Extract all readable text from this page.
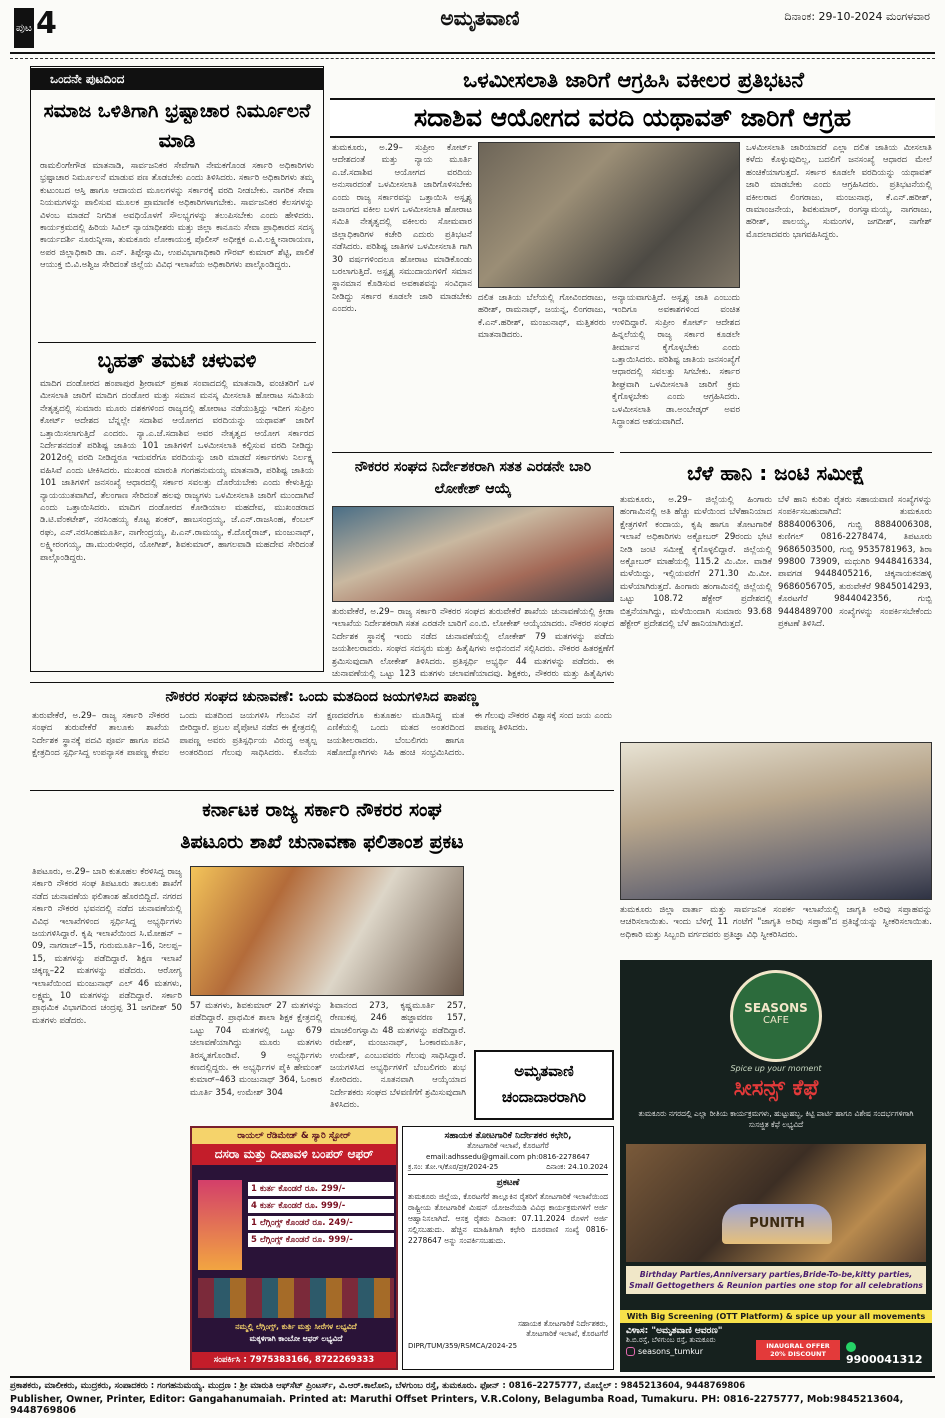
ಪುಟ 4	ಅಮೃತವಾಣಿ	ದಿನಾಂಕ: 29-10-2024 ಮಂಗಳವಾರ
ಒಂದನೇ ಪುಟದಿಂದ
ಸಮಾಜ ಒಳಿತಿಗಾಗಿ ಭ್ರಷ್ಟಾಚಾರ ನಿರ್ಮೂಲನೆ ಮಾಡಿ
ರಾಮಲಿಂಗೇಗೌಡ ಮಾತನಾಡಿ, ಸಾರ್ವಜನಿಕರ ಸೇವೆಗಾಗಿ ನೇಮಕಗೊಂಡ ಸರ್ಕಾರಿ ಅಧಿಕಾರಿಗಳು ಭ್ರಷ್ಟಾಚಾರ ನಿರ್ಮೂಲನೆ ಮಾಡುವ ಪಣ ತೊಡಬೇಕು ಎಂದು ತಿಳಿಸಿದರು. ಸರ್ಕಾರಿ ಅಧಿಕಾರಿಗಳು ತಮ್ಮ ಕುಟುಂಬದ ಆಸ್ತಿ ಹಾಗೂ ಆದಾಯದ ಮೂಲಗಳನ್ನು ಸರ್ಕಾರಕ್ಕೆ ವರದಿ ನೀಡಬೇಕು. ನಾಗರಿಕ ಸೇವಾ ನಿಯಮಗಳನ್ನು ಪಾಲಿಸುವ ಮೂಲಕ ಪ್ರಾಮಾಣಿಕ ಅಧಿಕಾರಿಗಳಾಗಬೇಕು. ಸಾರ್ವಜನಿಕರ ಕೆಲಸಗಳನ್ನು ವಿಳಂಬ ಮಾಡದೆ ನಿಗದಿತ ಅವಧಿಯೊಳಗೆ ಸೌಲಭ್ಯಗಳನ್ನು ತಲುಪಿಸಬೇಕು ಎಂದು ಹೇಳಿದರು. ಕಾರ್ಯಕ್ರಮದಲ್ಲಿ ಹಿರಿಯ ಸಿವಿಲ್ ನ್ಯಾಯಾಧೀಶರು ಮತ್ತು ಜಿಲ್ಲಾ ಕಾನೂನು ಸೇವಾ ಪ್ರಾಧಿಕಾರದ ಸದಸ್ಯ ಕಾರ್ಯದರ್ಶಿ ನೂರುನ್ನೀಸಾ, ತುಮಕೂರು ಲೋಕಾಯುಕ್ತ ಪೊಲೀಸ್ ಅಧೀಕ್ಷಕ ಎ.ವಿ.ಲಕ್ಷ್ಮೀನಾರಾಯಣ, ಅಪರ ಜಿಲ್ಲಾಧಿಕಾರಿ ಡಾ. ಎನ್. ತಿಪ್ಪೇಸ್ವಾಮಿ, ಉಪವಿಭಾಗಾಧಿಕಾರಿ ಗೌರವ್ ಕುಮಾರ್ ಶೆಟ್ಟಿ, ಪಾಲಿಕೆ ಆಯುಕ್ತ ಬಿ.ವಿ.ಅಶ್ವಿಜ ಸೇರಿದಂತೆ ಜಿಲ್ಲೆಯ ವಿವಿಧ ಇಲಾಖೆಯ ಅಧಿಕಾರಿಗಳು ಪಾಲ್ಗೊಂಡಿದ್ದರು.
ಬೃಹತ್ ತಮಟೆ ಚಳುವಳಿ
ಮಾದಿಗ ದಂಡೋರದ ಹಂಪಾಪುರ ಶ್ರೀರಾಮ್ ಪ್ರಕಾಶ ಸಂವಾದದಲ್ಲಿ ಮಾತನಾಡಿ, ವಂಚಿತರಿಗೆ ಒಳ ಮೀಸಲಾತಿ ಜಾರಿಗೆ ಮಾದಿಗ ದಂಡೋರ ಮತ್ತು ಸಮಾನ ಮನಸ್ಕ ಮೀಸಲಾತಿ ಹೋರಾಟ ಸಮಿತಿಯ ನೇತೃತ್ವದಲ್ಲಿ ಸುಮಾರು ಮೂರು ದಶಕಗಳಿಂದ ರಾಜ್ಯದಲ್ಲಿ ಹೋರಾಟ ನಡೆಯುತ್ತಿದ್ದು ಇದೀಗ ಸುಪ್ರೀಂ ಕೋರ್ಟ್ ಆದೇಶದ ಬೆನ್ನಲ್ಲೇ ಸದಾಶಿವ ಆಯೋಗದ ವರದಿಯನ್ನು ಯಥಾವತ್ ಜಾರಿಗೆ ಒತ್ತಾಯಿಸಲಾಗುತ್ತಿದೆ ಎಂದರು. ನ್ಯಾ.ಎ.ಜೆ.ಸದಾಶಿವ ಅವರ ನೇತೃತ್ವದ ಆಯೋಗ ಸರ್ಕಾರದ ನಿರ್ದೇಶನದಂತೆ ಪರಿಶಿಷ್ಟ ಜಾತಿಯ 101 ಜಾತಿಗಳಿಗೆ ಒಳಮೀಸಲಾತಿ ಕಲ್ಪಿಸುವ ವರದಿ ನೀಡಿದ್ದು 2012ರಲ್ಲಿ ವರದಿ ನೀಡಿದ್ದರೂ ಇದುವರೆಗೂ ವರದಿಯನ್ನು ಜಾರಿ ಮಾಡದೆ ಸರ್ಕಾರಗಳು ನಿರ್ಲಕ್ಷ್ಯ ವಹಿಸಿವೆ ಎಂದು ಟೀಕಿಸಿದರು. ಮುಖಂಡ ಮಾರುತಿ ಗಂಗಹನುಮಯ್ಯ ಮಾತನಾಡಿ, ಪರಿಶಿಷ್ಟ ಜಾತಿಯ 101 ಜಾತಿಗಳಿಗೆ ಜನಸಂಖ್ಯೆ ಆಧಾರದಲ್ಲಿ ಸರ್ಕಾರ ಸವಲತ್ತು ದೊರೆಯಬೇಕು ಎಂದು ಕೇಳುತ್ತಿದ್ದು ನ್ಯಾಯಯುತವಾಗಿದೆ, ತೆಲಂಗಾಣ ಸೇರಿದಂತೆ ಹಲವು ರಾಜ್ಯಗಳು ಒಳಮೀಸಲಾತಿ ಜಾರಿಗೆ ಮುಂದಾಗಿವೆ ಎಂದು ಒತ್ತಾಯಿಸಿದರು. ಮಾದಿಗ ದಂಡೋರದ ಕೋಡಿಯಾಲ ಮಹದೇವ, ಮುಖಂಡರಾದ ಡಿ.ಟಿ.ವೆಂಕಟೇಶ್, ನರಸಿಂಹಯ್ಯ ಕೊಟ್ಟ ಶಂಕರ್, ಹಾಬಸಂದ್ರಯ್ಯ, ಜೆ.ಎನ್.ರಾಜಸಿಂಹ, ಕೆಂಬಲ್ ರಘು, ಎನ್.ನರಸಿಂಹಮೂರ್ತಿ, ನಾಗೇಂದ್ರಯ್ಯ, ಪಿ.ಎನ್.ರಾಮಯ್ಯ, ಕೆ.ದೊರೈರಾಜ್, ಮಂಜುನಾಥ್, ಲಕ್ಷ್ಮೀರಂಗಯ್ಯ, ಡಾ.ಮುರುಳೀಧರ, ಯೋಗೀಶ್, ಶಿವಕುಮಾರ್, ಹಾಗಲವಾಡಿ ಮಹದೇವ ಸೇರಿದಂತೆ ಪಾಲ್ಗೊಂಡಿದ್ದರು.
ಒಳಮೀಸಲಾತಿ ಜಾರಿಗೆ ಆಗ್ರಹಿಸಿ ವಕೀಲರ ಪ್ರತಿಭಟನೆ
ಸದಾಶಿವ ಆಯೋಗದ ವರದಿ ಯಥಾವತ್ ಜಾರಿಗೆ ಆಗ್ರಹ
ತುಮಕೂರು, ಅ.29– ಸುಪ್ರೀಂ ಕೋರ್ಟ್ ಆದೇಶದಂತೆ ಮತ್ತು ನ್ಯಾಯ ಮೂರ್ತಿ ಎ.ಜೆ.ಸದಾಶಿವ ಆಯೋಗದ ವರದಿಯ ಅನುಸಾರದಂತೆ ಒಳಮೀಸಲಾತಿ ಜಾರಿಗೊಳಿಸಬೇಕು ಎಂದು ರಾಜ್ಯ ಸರ್ಕಾರವನ್ನು ಒತ್ತಾಯಿಸಿ ಅಸ್ಪೃಶ್ಯ ಜನಾಂಗದ ವಕೀಲ ಬಳಗ ಒಳಮೀಸಲಾತಿ ಹೋರಾಟ ಸಮಿತಿ ನೇತೃತ್ವದಲ್ಲಿ ವಕೀಲರು ಸೋಮವಾರ ಜಿಲ್ಲಾಧಿಕಾರಿಗಳ ಕಚೇರಿ ಎದುರು ಪ್ರತಿಭಟನೆ ನಡೆಸಿದರು. ಪರಿಶಿಷ್ಟ ಜಾತಿಗಳ ಒಳಮೀಸಲಾತಿ ಗಾಗಿ 30 ವರ್ಷಗಳಿಂದಲೂ ಹೋರಾಟ ಮಾಡಿಕೊಂಡು ಬರಲಾಗುತ್ತಿದೆ. ಅಸ್ಪೃಶ್ಯ ಸಮುದಾಯಗಳಿಗೆ ಸಮಾನ ಸ್ಥಾನಮಾನ ಕೊಡಿಸುವ ಅವಕಾಶವನ್ನು ಸಂವಿಧಾನ ನೀಡಿದ್ದು ಸರ್ಕಾರ ಕೂಡಲೇ ಜಾರಿ ಮಾಡಬೇಕು ಎಂದರು.
ದಲಿತ ಜಾತಿಯ ಬೆಲೆಯಲ್ಲಿ ಗೋವಿಂದರಾಜು, ಹರೀಶ್, ರಾಮನಾಥ್, ಜಯನ್ನ, ಲಿಂಗರಾಜು, ಕೆ.ಎನ್.ಹರೀಶ್, ಮಂಜುನಾಥ್, ಮತ್ತಿತರರು ಮಾತನಾಡಿದರು.
ಅನ್ಯಾಯವಾಗುತ್ತಿದೆ. ಅಸ್ಪೃಶ್ಯ ಜಾತಿ ಎಂಬುದು ಇಂದಿಗೂ ಅವಕಾಶಗಳಿಂದ ವಂಚಿತ ಉಳಿದಿದ್ದಾರೆ. ಸುಪ್ರೀಂ ಕೋರ್ಟ್ ಆದೇಶದ ಹಿನ್ನಲೆಯಲ್ಲಿ ರಾಜ್ಯ ಸರ್ಕಾರ ಕೂಡಲೇ ತೀರ್ಮಾನ ಕೈಗೊಳ್ಳಬೇಕು ಎಂದು ಒತ್ತಾಯಿಸಿದರು. ಪರಿಶಿಷ್ಟ ಜಾತಿಯ ಜನಸಂಖ್ಯೆಗೆ ಆಧಾರದಲ್ಲಿ ಸವಲತ್ತು ಸಿಗಬೇಕು. ಸರ್ಕಾರ ಶೀಘ್ರವಾಗಿ ಒಳಮೀಸಲಾತಿ ಜಾರಿಗೆ ಕ್ರಮ ಕೈಗೊಳ್ಳಬೇಕು ಎಂದು ಆಗ್ರಹಿಸಿದರು. ಒಳಮೀಸಲಾತಿ ಡಾ.ಅಂಬೇಡ್ಕರ್ ಅವರ ಸಿದ್ಧಾಂತದ ಆಶಯವಾಗಿದೆ.
ಒಳಮೀಸಲಾತಿ ಜಾರಿಯಾದರೆ ಎಲ್ಲಾ ದಲಿತ ಜಾತಿಯ ಮೀಸಲಾತಿ ಕಳೆದು ಕೊಳ್ಳುವುದಿಲ್ಲ, ಬದಲಿಗೆ ಜನಸಂಖ್ಯೆ ಆಧಾರದ ಮೇಲೆ ಹಂಚಿಕೆಯಾಗುತ್ತದೆ. ಸರ್ಕಾರ ಕೂಡಲೇ ವರದಿಯನ್ನು ಯಥಾವತ್ ಜಾರಿ ಮಾಡಬೇಕು ಎಂದು ಆಗ್ರಹಿಸಿದರು. ಪ್ರತಿಭಟನೆಯಲ್ಲಿ ವಕೀಲರಾದ ಲಿಂಗರಾಜು, ಮಂಜುನಾಥ, ಕೆ.ಎನ್.ಹರೀಶ್, ರಾಮಾಂಜನೇಯ, ಶಿವಕುಮಾರ್, ರಂಗಸ್ವಾಮಯ್ಯ, ನಾಗರಾಜು, ಹರೀಶ್, ಪಾಲಯ್ಯ, ಸುಮಂಗಳ, ಜಗದೀಶ್, ನಾಗೇಶ್ ಮೊದಲಾದವರು ಭಾಗವಹಿಸಿದ್ದರು.
ನೌಕರರ ಸಂಘದ ನಿರ್ದೇಶಕರಾಗಿ ಸತತ ಎರಡನೇ ಬಾರಿ ಲೋಕೇಶ್ ಆಯ್ಕೆ
ತುರುವೇಕೆರೆ, ಅ.29– ರಾಜ್ಯ ಸರ್ಕಾರಿ ನೌಕರರ ಸಂಘದ ತುರುವೇಕೆರೆ ಶಾಖೆಯ ಚುನಾವಣೆಯಲ್ಲಿ ಕ್ರೀಡಾ ಇಲಾಖೆಯ ನಿರ್ದೇಶಕರಾಗಿ ಸತತ ಎರಡನೇ ಬಾರಿಗೆ ಎಂ.ಬಿ. ಲೋಕೇಶ್ ಆಯ್ಕೆಯಾದರು. ನೌಕರರ ಸಂಘದ ನಿರ್ದೇಶಕ ಸ್ಥಾನಕ್ಕೆ ಇಂದು ನಡೆದ ಚುನಾವಣೆಯಲ್ಲಿ ಲೋಕೇಶ್ 79 ಮತಗಳನ್ನು ಪಡೆದು ಜಯಶೀಲರಾದರು. ಸಂಘದ ಸದಸ್ಯರು ಮತ್ತು ಹಿತೈಷಿಗಳು ಅಭಿನಂದನೆ ಸಲ್ಲಿಸಿದರು. ನೌಕರರ ಹಿತರಕ್ಷಣೆಗೆ ಶ್ರಮಿಸುವುದಾಗಿ ಲೋಕೇಶ್ ತಿಳಿಸಿದರು. ಪ್ರತಿಸ್ಪರ್ಧಿ ಅಭ್ಯರ್ಥಿ 44 ಮತಗಳನ್ನು ಪಡೆದರು. ಈ ಚುನಾವಣೆಯಲ್ಲಿ ಒಟ್ಟು 123 ಮತಗಳು ಚಲಾವಣೆಯಾದವು. ಶಿಕ್ಷಕರು, ನೌಕರರು ಮತ್ತು ಹಿತೈಷಿಗಳು
ಬೆಳೆ ಹಾನಿ : ಜಂಟಿ ಸಮೀಕ್ಷೆ
ತುಮಕೂರು, ಅ.29– ಜಿಲ್ಲೆಯಲ್ಲಿ ಹಿಂಗಾರು ಹಂಗಾಮಿನಲ್ಲಿ ಅತಿ ಹೆಚ್ಚು ಮಳೆಯಿಂದ ಬೆಳೆಹಾನಿಯಾದ ಕ್ಷೇತ್ರಗಳಿಗೆ ಕಂದಾಯ, ಕೃಷಿ ಹಾಗೂ ತೋಟಗಾರಿಕೆ ಇಲಾಖೆ ಅಧಿಕಾರಿಗಳು ಅಕ್ಟೋಬರ್ 29ರಂದು ಭೇಟಿ ನೀಡಿ ಜಂಟಿ ಸಮೀಕ್ಷೆ ಕೈಗೊಳ್ಳಲಿದ್ದಾರೆ. ಜಿಲ್ಲೆಯಲ್ಲಿ ಅಕ್ಟೋಬರ್ ಮಾಹೆಯಲ್ಲಿ 115.2 ಮಿ.ಮೀ. ವಾಡಿಕೆ ಮಳೆಯಿದ್ದು, ಇಲ್ಲಿಯವರೆಗೆ 271.30 ಮಿ.ಮೀ. ಮಳೆಯಾಗಿರುತ್ತದೆ. ಹಿಂಗಾರು ಹಂಗಾಮಿನಲ್ಲಿ ಜಿಲ್ಲೆಯಲ್ಲಿ ಒಟ್ಟು 108.72 ಹೆಕ್ಟೇರ್ ಪ್ರದೇಶದಲ್ಲಿ ಬಿತ್ತನೆಯಾಗಿದ್ದು, ಮಳೆಯಿಂದಾಗಿ ಸುಮಾರು 93.68 ಹೆಕ್ಟೇರ್ ಪ್ರದೇಶದಲ್ಲಿ ಬೆಳೆ ಹಾನಿಯಾಗಿರುತ್ತದೆ.
ಬೆಳೆ ಹಾನಿ ಕುರಿತು ರೈತರು ಸಹಾಯವಾಣಿ ಸಂಖ್ಯೆಗಳನ್ನು ಸಂಪರ್ಕಿಸಬಹುದಾಗಿದೆ: ತುಮಕೂರು 8884006306, ಗುಬ್ಬಿ 8884006308, ಕುಣಿಗಲ್ 0816-2278474, ತಿಪಟೂರು 9686503500, ಗುಬ್ಬಿ 9535781963, ಶಿರಾ 99800 73909, ಮಧುಗಿರಿ 9448416334, ಪಾವಗಡ 9448405216, ಚಿಕ್ಕನಾಯಕನಹಳ್ಳಿ 9686056705, ತುರುವೇಕೆರೆ 9845014293, ಕೊರಟಗೆರೆ 9844042356, ಗುಬ್ಬಿ 9448489700 ಸಂಖ್ಯೆಗಳನ್ನು ಸಂಪರ್ಕಿಸಬೇಕೆಂದು ಪ್ರಕಟಣೆ ತಿಳಿಸಿದೆ.
ನೌಕರರ ಸಂಘದ ಚುನಾವಣೆ: ಒಂದು ಮತದಿಂದ ಜಯಗಳಿಸಿದ ಪಾಪಣ್ಣ
ತುರುವೇಕೆರೆ, ಅ.29– ರಾಜ್ಯ ಸರ್ಕಾರಿ ನೌಕರರ ಸಂಘದ ತುರುವೇಕೆರೆ ತಾಲೂಕು ಶಾಖೆಯ ನಿರ್ದೇಶಕ ಸ್ಥಾನಕ್ಕೆ ಪದವಿ ಪೂರ್ವ ಹಾಗೂ ಪದವಿ ಕ್ಷೇತ್ರದಿಂದ ಸ್ಪರ್ಧಿಸಿದ್ದ ಉಪನ್ಯಾಸಕ ಪಾಪಣ್ಣ ಕೇವಲ ಒಂದು ಮತದಿಂದ ಜಯಗಳಿಸಿ ಗೆಲುವಿನ ನಗೆ ಬೀರಿದ್ದಾರೆ. ಪ್ರಬಲ ಪೈಪೋಟಿ ನಡೆದ ಈ ಕ್ಷೇತ್ರದಲ್ಲಿ ಪಾಪಣ್ಣ ಅವರು ಪ್ರತಿಸ್ಪರ್ಧಿಯ ವಿರುದ್ಧ ಅತ್ಯಲ್ಪ ಅಂತರದಿಂದ ಗೆಲುವು ಸಾಧಿಸಿದರು. ಕೊನೆಯ ಕ್ಷಣದವರೆಗೂ ಕುತೂಹಲ ಮೂಡಿಸಿದ್ದ ಮತ ಎಣಿಕೆಯಲ್ಲಿ ಒಂದು ಮತದ ಅಂತರದಿಂದ ಜಯಶೀಲರಾದರು. ಬೆಂಬಲಿಗರು ಹಾಗೂ ಸಹೋದ್ಯೋಗಿಗಳು ಸಿಹಿ ಹಂಚಿ ಸಂಭ್ರಮಿಸಿದರು. ಈ ಗೆಲುವು ನೌಕರರ ವಿಶ್ವಾಸಕ್ಕೆ ಸಂದ ಜಯ ಎಂದು ಪಾಪಣ್ಣ ತಿಳಿಸಿದರು.
ಕರ್ನಾಟಕ ರಾಜ್ಯ ಸರ್ಕಾರಿ ನೌಕರರ ಸಂಘ
ತಿಪಟೂರು ಶಾಖೆ ಚುನಾವಣಾ ಫಲಿತಾಂಶ ಪ್ರಕಟ
ತಿಪಟೂರು, ಅ.29– ಬಾರಿ ಕುತೂಹಲ ಕೆರಳಿಸಿದ್ದ ರಾಜ್ಯ ಸರ್ಕಾರಿ ನೌಕರರ ಸಂಘ ತಿಪಟೂರು ತಾಲೂಕು ಶಾಖೆಗೆ ನಡೆದ ಚುನಾವಣೆಯ ಫಲಿತಾಂಶ ಹೊರಬಿದ್ದಿದೆ. ನಗರದ ಸರ್ಕಾರಿ ನೌಕರರ ಭವನದಲ್ಲಿ ನಡೆದ ಚುನಾವಣೆಯಲ್ಲಿ ವಿವಿಧ ಇಲಾಖೆಗಳಿಂದ ಸ್ಪರ್ಧಿಸಿದ್ದ ಅಭ್ಯರ್ಥಿಗಳು ಜಯಗಳಿಸಿದ್ದಾರೆ. ಕೃಷಿ ಇಲಾಖೆಯಿಂದ ಸಿ.ಮೋಹನ್ –09, ನಾಗರಾಜ್–15, ಗುರುಮೂರ್ತಿ–16, ನೀಲಪ್ಪ–15, ಮತಗಳನ್ನು ಪಡೆದಿದ್ದಾರೆ. ಶಿಕ್ಷಣ ಇಲಾಖೆ ಚಿಕ್ಕಣ್ಣ–22 ಮತಗಳನ್ನು ಪಡೆದರು. ಆರೋಗ್ಯ ಇಲಾಖೆಯಿಂದ ಮಂಜುನಾಥ್ ಎಲ್ 46 ಮತಗಳು, ಲಕ್ಷ್ಮಮ್ಮ 10 ಮತಗಳನ್ನು ಪಡೆದಿದ್ದಾರೆ. ಸರ್ಕಾರಿ ಪ್ರಾಥಮಿಕ ವಿಭಾಗದಿಂದ ಚಂದ್ರಪ್ಪ 31 ಜಗದೀಶ್ 50 ಮತಗಳು ಪಡೆದರು.
57 ಮತಗಳು, ಶಿವಕುಮಾರ್ 27 ಮತಗಳನ್ನು ಪಡೆದಿದ್ದಾರೆ. ಪ್ರಾಥಮಿಕ ಶಾಲಾ ಶಿಕ್ಷಕ ಕ್ಷೇತ್ರದಲ್ಲಿ ಒಟ್ಟು 704 ಮತಗಳಲ್ಲಿ ಒಟ್ಟು 679 ಚಲಾವಣೆಯಾಗಿದ್ದು ಮೂರು ಮತಗಳು ತಿರಸ್ಕೃತಗೊಂಡಿವೆ. 9 ಅಭ್ಯರ್ಥಿಗಳು ಕಣದಲ್ಲಿದ್ದರು. ಈ ಅಭ್ಯರ್ಥಿಗಳ ಪೈಕಿ ಹೇಮಂತ್ ಕುಮಾರ್–463 ಮಂಜುನಾಥ್ 364, ಓಂಕಾರ ಮೂರ್ತಿ 354, ಉಮೇಶ್ 304
ಶಿವಾನಂದ 273, ಕೃಷ್ಣಮೂರ್ತಿ 257, ರೇಣುಕಪ್ಪ 246 ಹಜ್ಜಾವರಣ 157, ಮಾಚಲಿಂಗಸ್ವಾಮಿ 48 ಮತಗಳನ್ನು ಪಡೆದಿದ್ದಾರೆ. ರಮೇಶ್, ಮಂಜುನಾಥ್, ಓಂಕಾರಮೂರ್ತಿ, ಉಮೇಶ್, ಎಂಬುವವರು ಗೆಲುವು ಸಾಧಿಸಿದ್ದಾರೆ. ಜಯಗಳಿಸಿದ ಅಭ್ಯರ್ಥಿಗಳಿಗೆ ಬೆಂಬಲಿಗರು ಶುಭ ಕೋರಿದರು. ನೂತನವಾಗಿ ಆಯ್ಕೆಯಾದ ನಿರ್ದೇಶಕರು ಸಂಘದ ಬೆಳವಣಿಗೆಗೆ ಶ್ರಮಿಸುವುದಾಗಿ ತಿಳಿಸಿದರು.
ಅಮೃತವಾಣಿ
ಚಂದಾದಾರರಾಗಿರಿ
ತುಮಕೂರು ಜಿಲ್ಲಾ ವಾರ್ತಾ ಮತ್ತು ಸಾರ್ವಜನಿಕ ಸಂಪರ್ಕ ಇಲಾಖೆಯಲ್ಲಿ ಜಾಗೃತಿ ಅರಿವು ಸಪ್ತಾಹವನ್ನು ಆಚರಿಸಲಾಯಿತು. ಇಂದು ಬೆಳಿಗ್ಗೆ 11 ಗಂಟೆಗೆ "ಜಾಗೃತಿ ಅರಿವು ಸಪ್ತಾಹ"ದ ಪ್ರತಿಜ್ಞೆಯನ್ನು ಸ್ವೀಕರಿಸಲಾಯಿತು. ಅಧಿಕಾರಿ ಮತ್ತು ಸಿಬ್ಬಂದಿ ವರ್ಗದವರು ಪ್ರತಿಜ್ಞಾ ವಿಧಿ ಸ್ವೀಕರಿಸಿದರು.
ರಾಯಲ್ ರೆಡಿಮೇಡ್ & ಸ್ಯಾರಿ ಸ್ಟೋರ್
ದಸರಾ ಮತ್ತು ದೀಪಾವಳಿ ಬಂಪರ್ ಆಫರ್
1 ಕುರ್ತ ಕೊಂಡರೆ ರೂ. 299/-
4 ಕುರ್ತ ಕೊಂಡರೆ ರೂ. 999/-
1 ಲೆಗ್ಗಿಂಗ್ಸ್ ಕೊಂಡರೆ ರೂ. 249/-
5 ಲೆಗ್ಗಿಂಗ್ಸ್ ಕೊಂಡರೆ ರೂ. 999/-
ನಮ್ಮಲ್ಲಿ ಲೆಗ್ಗಿಂಗ್ಸ್, ಕುರ್ತಿ ಮತ್ತು ಸೀರೆಗಳ ಲಭ್ಯವಿದೆ
ಮಕ್ಕಳಿಗಾಗಿ ಕಾಂಬೋ ಆಫರ್ ಲಭ್ಯವಿದೆ
ಸಂಪರ್ಕಿಸಿ : 7975383166, 8722269333
ಸಹಾಯಕ ತೋಟಗಾರಿಕೆ ನಿರ್ದೇಶಕರ ಕಛೇರಿ,
ತೋಟಗಾರಿಕೆ ಇಲಾಖೆ, ಕೊರಟಗೆರೆ
email:adhssedu@gmail.com ph:0816-2278647
ಕ್ರ.ಸಂ: ತೋ.ಇ/ಕೊರ/ಪ್ರಕ/2024-25	ದಿನಾಂಕ: 24.10.2024
ಪ್ರಕಟಣೆ
ತುಮಕೂರು ಜಿಲ್ಲೆಯ, ಕೊರಟಗೆರೆ ತಾಲ್ಲೂಕಿನ ರೈತರಿಗೆ ತೋಟಗಾರಿಕೆ ಇಲಾಖೆಯಿಂದ ರಾಷ್ಟ್ರೀಯ ತೋಟಗಾರಿಕೆ ಮಿಷನ್ ಯೋಜನೆಯಡಿ ವಿವಿಧ ಕಾರ್ಯಕ್ರಮಗಳಿಗೆ ಅರ್ಜಿ ಆಹ್ವಾನಿಸಲಾಗಿದೆ. ಆಸಕ್ತ ರೈತರು ದಿನಾಂಕ: 07.11.2024 ರೊಳಗೆ ಅರ್ಜಿ ಸಲ್ಲಿಸಬಹುದು. ಹೆಚ್ಚಿನ ಮಾಹಿತಿಗಾಗಿ ಕಛೇರಿ ದೂರವಾಣಿ ಸಂಖ್ಯೆ 0816-2278647 ಅನ್ನು ಸಂಪರ್ಕಿಸಬಹುದು.
ಸಹಾಯಕ ತೋಟಗಾರಿಕೆ ನಿರ್ದೇಶಕರು,
ತೋಟಗಾರಿಕೆ ಇಲಾಖೆ, ಕೊರಟಗೆರೆ
DIPR/TUM/359/RSMCA/2024-25
SEASONS
CAFE
Spice up your moment
ಸೀಸನ್ಸ್ ಕೆಫೆ
ತುಮಕೂರು ನಗರದಲ್ಲಿ ಎಲ್ಲಾ ರೀತಿಯ ಕಾರ್ಯಕ್ರಮಗಳು, ಹುಟ್ಟುಹಬ್ಬ, ಕಿಟ್ಟಿ ಪಾರ್ಟಿ ಹಾಗೂ ವಿಶೇಷ ಸಂದರ್ಭಗಳಿಗಾಗಿ ಸುಸಜ್ಜಿತ ಕೆಫೆ ಲಭ್ಯವಿದೆ
PUNITH
Birthday Parties,Anniversary parties,Bride-To-be,kitty parties, Small Gettogethers & Reunion parties one stop for all celebrations
With Big Screening (OTT Platform) & spice up your all movements
ವಿಳಾಸ: "ಅಮೃತವಾಣಿ ಆವರಣ"
ಶಿ.ಬಿ.ರಸ್ತೆ, ಬೆಳಗುಂಬ ರಸ್ತೆ, ತುಮಕೂರು
seasons_tumkur
INAUGRAL OFFER 20% DISCOUNT	9900041312
ಪ್ರಕಾಶಕರು, ಮಾಲೀಕರು, ಮುದ್ರಕರು, ಸಂಪಾದಕರು : ಗಂಗಹನುಮಯ್ಯ. ಮುದ್ರಣ : ಶ್ರೀ ಮಾರುತಿ ಆಫ್‌ಸೆಟ್ ಪ್ರಿಂಟರ್ಸ್, ವಿ.ಆರ್.ಕಾಲೋನಿ, ಬೆಳಗುಂಬ ರಸ್ತೆ, ತುಮಕೂರು. ಫೋನ್ : 0816–2275777, ಮೊಬೈಲ್ : 9845213604, 9448769806
Publisher, Owner, Printer, Editor: Gangahanumaiah. Printed at: Maruthi Offset Printers, V.R.Colony, Belagumba Road, Tumakuru. PH: 0816-2275777, Mob:9845213604, 9448769806
